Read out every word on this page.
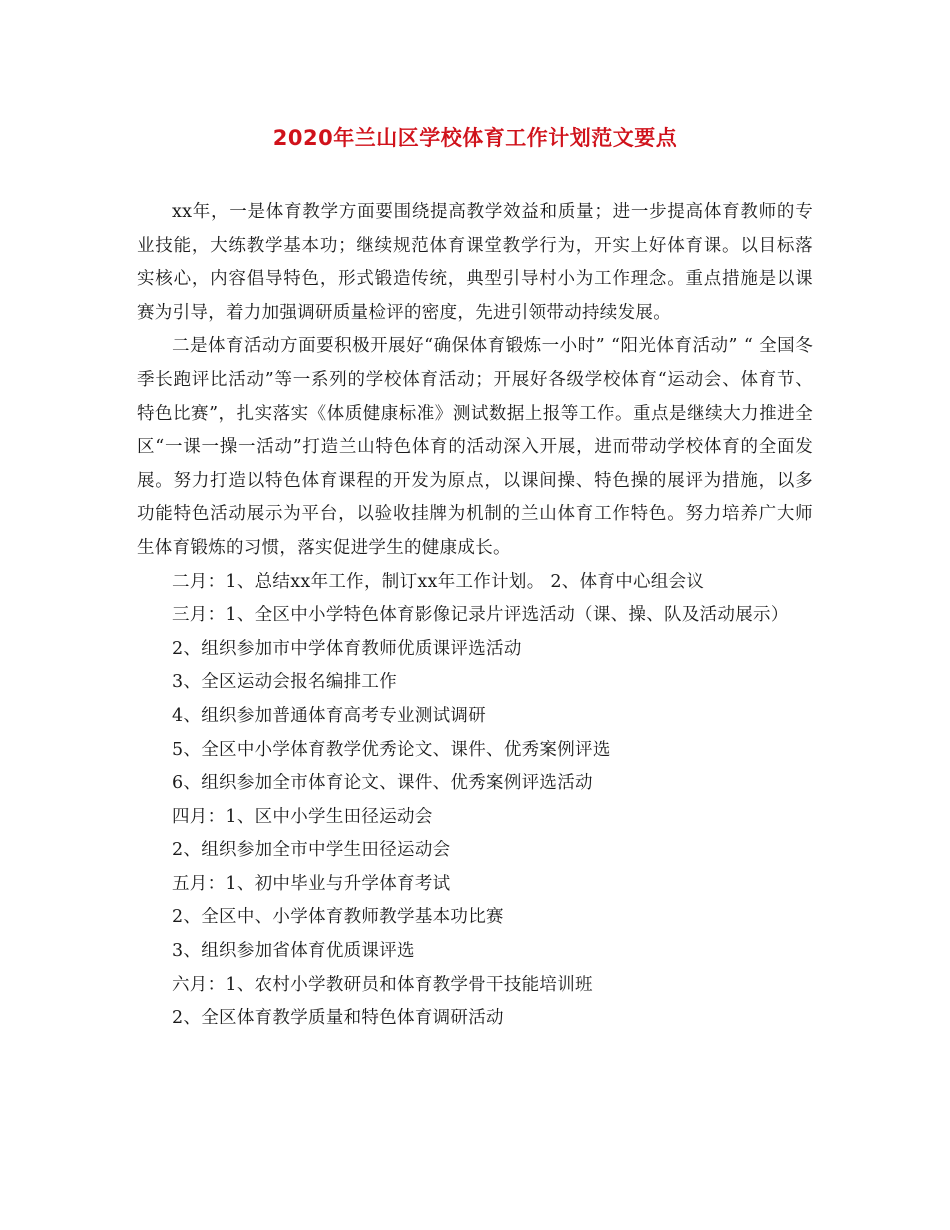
2020年兰山区学校体育工作计划范文要点

xx年，一是体育教学方面要围绕提高教学效益和质量；进一步提高体育教师的专业技能，大练教学基本功；继续规范体育课堂教学行为，开实上好体育课。以目标落实核心，内容倡导特色，形式锻造传统，典型引导村小为工作理念。重点措施是以课赛为引导，着力加强调研质量检评的密度，先进引领带动持续发展。

二是体育活动方面要积极开展好“确保体育锻炼一小时” “阳光体育活动” “ 全国冬季长跑评比活动”等一系列的学校体育活动；开展好各级学校体育“运动会、体育节、特色比赛”，扎实落实《体质健康标准》测试数据上报等工作。重点是继续大力推进全区“一课一操一活动”打造兰山特色体育的活动深入开展，进而带动学校体育的全面发展。努力打造以特色体育课程的开发为原点，以课间操、特色操的展评为措施，以多功能特色活动展示为平台，以验收挂牌为机制的兰山体育工作特色。努力培养广大师生体育锻炼的习惯，落实促进学生的健康成长。

二月：1、总结xx年工作，制订xx年工作计划。 2、体育中心组会议

三月：1、全区中小学特色体育影像记录片评选活动（课、操、队及活动展示）

2、组织参加市中学体育教师优质课评选活动

3、全区运动会报名编排工作

4、组织参加普通体育高考专业测试调研

5、全区中小学体育教学优秀论文、课件、优秀案例评选

6、组织参加全市体育论文、课件、优秀案例评选活动

四月：1、区中小学生田径运动会

2、组织参加全市中学生田径运动会

五月：1、初中毕业与升学体育考试

2、全区中、小学体育教师教学基本功比赛

3、组织参加省体育优质课评选

六月：1、农村小学教研员和体育教学骨干技能培训班

2、全区体育教学质量和特色体育调研活动
